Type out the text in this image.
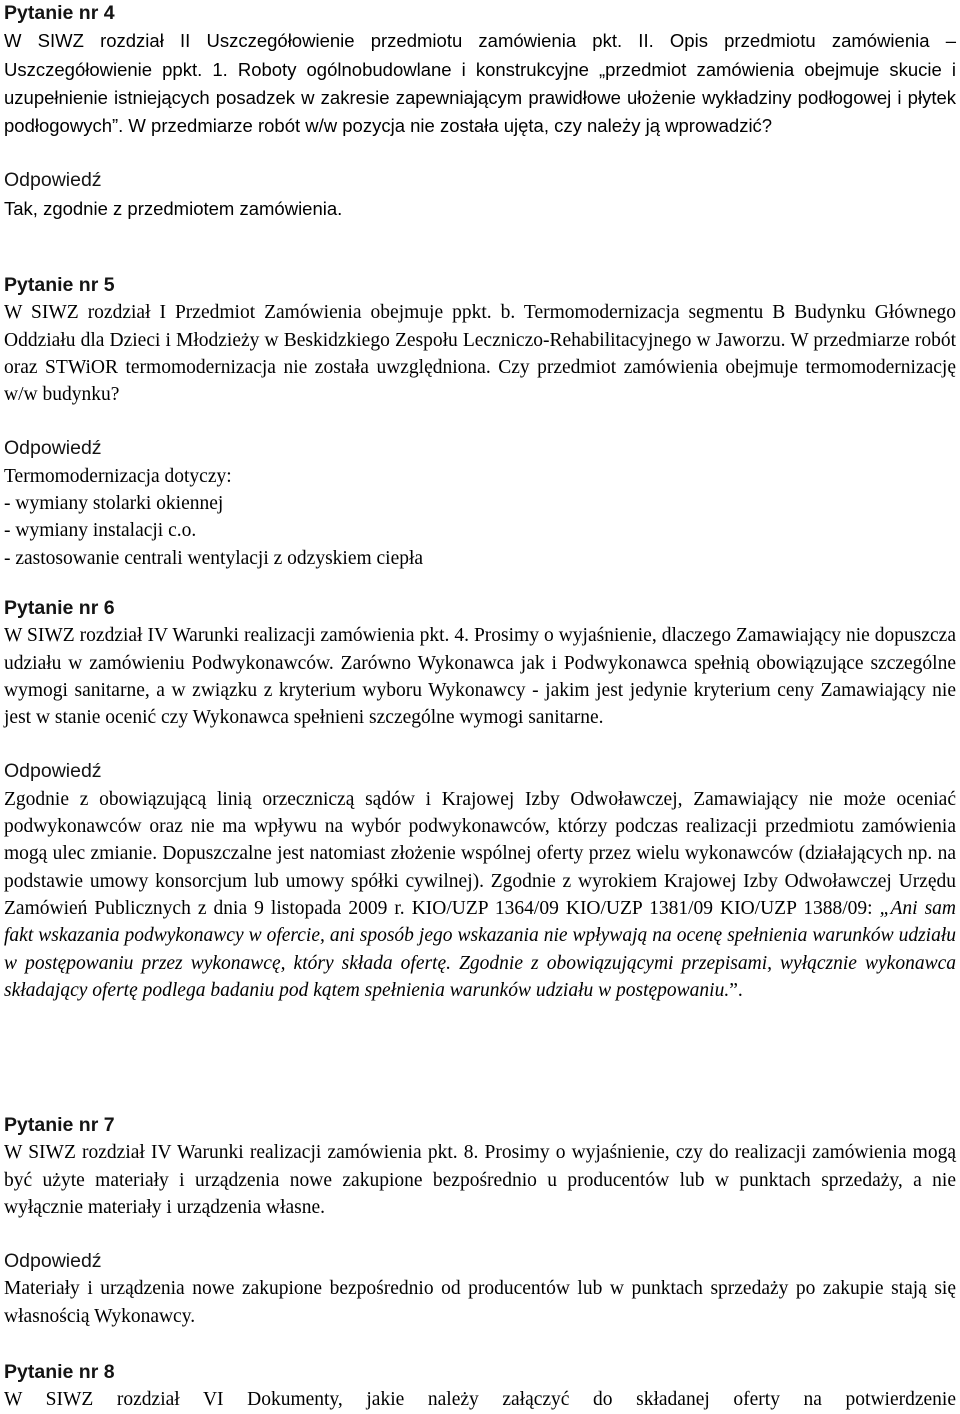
Pytanie nr 4

W SIWZ rozdział II Uszczegółowienie przedmiotu zamówienia pkt. II. Opis przedmiotu zamówienia – Uszczegółowienie ppkt. 1. Roboty ogólnobudowlane i konstrukcyjne „przedmiot zamówienia obejmuje skucie i uzupełnienie istniejących posadzek w zakresie zapewniającym prawidłowe ułożenie wykładziny podłogowej i płytek podłogowych”. W przedmiarze robót w/w pozycja nie została ujęta, czy należy ją wprowadzić?

Odpowiedź

Tak, zgodnie z przedmiotem zamówienia.

Pytanie nr 5

W SIWZ rozdział I Przedmiot Zamówienia obejmuje ppkt. b. Termomodernizacja segmentu B Budynku Głównego Oddziału dla Dzieci i Młodzieży w Beskidzkiego Zespołu Leczniczo-Rehabilitacyjnego w Jaworzu. W przedmiarze robót oraz STWiOR termomodernizacja nie została uwzględniona. Czy przedmiot zamówienia obejmuje termomodernizację w/w budynku?

Odpowiedź

Termomodernizacja dotyczy:

- wymiany stolarki okiennej

- wymiany instalacji c.o.

- zastosowanie centrali wentylacji z odzyskiem ciepła

Pytanie nr 6

W SIWZ rozdział IV Warunki realizacji zamówienia pkt. 4. Prosimy o wyjaśnienie, dlaczego Zamawiający nie dopuszcza udziału w zamówieniu Podwykonawców. Zarówno Wykonawca jak i Podwykonawca spełnią obowiązujące szczególne wymogi sanitarne, a w związku z kryterium wyboru Wykonawcy - jakim jest jedynie kryterium ceny Zamawiający nie jest w stanie ocenić czy Wykonawca spełnieni szczególne wymogi sanitarne.

Odpowiedź

Zgodnie z obowiązującą linią orzeczniczą sądów i Krajowej Izby Odwoławczej, Zamawiający nie może oceniać podwykonawców oraz nie ma wpływu na wybór podwykonawców, którzy podczas realizacji przedmiotu zamówienia mogą ulec zmianie. Dopuszczalne jest natomiast złożenie wspólnej oferty przez wielu wykonawców (działających np. na podstawie umowy konsorcjum lub umowy spółki cywilnej). Zgodnie z wyrokiem Krajowej Izby Odwoławczej Urzędu Zamówień Publicznych z dnia 9 listopada 2009 r. KIO/UZP 1364/09 KIO/UZP 1381/09 KIO/UZP 1388/09: „Ani sam fakt wskazania podwykonawcy w ofercie, ani sposób jego wskazania nie wpływają na ocenę spełnienia warunków udziału w postępowaniu przez wykonawcę, który składa ofertę. Zgodnie z obowiązującymi przepisami, wyłącznie wykonawca składający ofertę podlega badaniu pod kątem spełnienia warunków udziału w postępowaniu.”.

Pytanie nr 7

W SIWZ rozdział IV Warunki realizacji zamówienia pkt. 8. Prosimy o wyjaśnienie, czy do realizacji zamówienia mogą być użyte materiały i urządzenia nowe zakupione bezpośrednio u producentów lub w punktach sprzedaży, a nie wyłącznie materiały i urządzenia własne.

Odpowiedź

Materiały i urządzenia nowe zakupione bezpośrednio od producentów lub w punktach sprzedaży po zakupie stają się własnością Wykonawcy.

Pytanie nr 8

W SIWZ rozdział VI Dokumenty, jakie należy załączyć do składanej oferty na potwierdzenie
